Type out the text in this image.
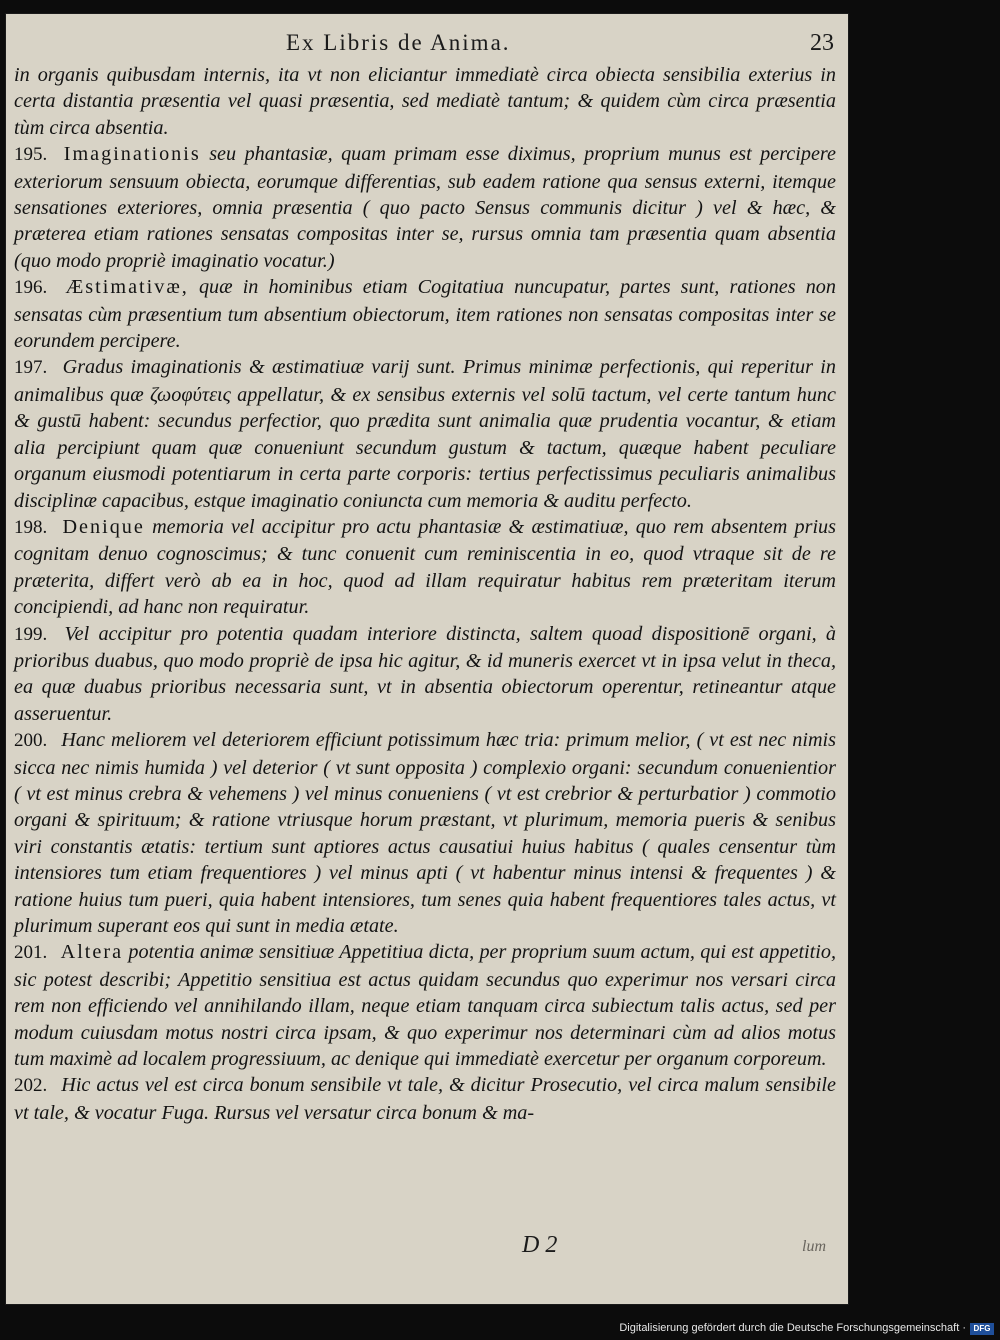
Ex Libris de Anima.	23

in organis quibusdam internis, ita vt non eliciantur immediatè circa obiecta sensibilia exterius in certa distantia præsentia vel quasi præsentia, sed mediatè tantum; & quidem cùm circa præsentia tùm circa absentia.

195. Imaginationis seu phantasiæ, quam primam esse diximus, proprium munus est percipere exteriorum sensuum obiecta, eorumque differentias, sub eadem ratione qua sensus externi, itemque sensationes exteriores, omnia præsentia ( quo pacto Sensus communis dicitur ) vel & hæc, & præterea etiam rationes sensatas compositas inter se, rursus omnia tam præsentia quam absentia (quo modo propriè imaginatio vocatur.)

196. Æstimativæ, quæ in hominibus etiam Cogitatiua nuncupatur, partes sunt, rationes non sensatas cùm præsentium tum absentium obiectorum, item rationes non sensatas compositas inter se eorundem percipere.

197. Gradus imaginationis & æstimatiuæ varij sunt. Primus minimæ perfectionis, qui reperitur in animalibus quæ ζωοφύτεις appellatur, & ex sensibus externis vel solū tactum, vel certe tantum hunc & gustū habent: secundus perfectior, quo prædita sunt animalia quæ prudentia vocantur, & etiam alia percipiunt quam quæ conueniunt secundum gustum & tactum, quæque habent peculiare organum eiusmodi potentiarum in certa parte corporis: tertius perfectissimus peculiaris animalibus disciplinæ capacibus, estque imaginatio coniuncta cum memoria & auditu perfecto.

198. Denique memoria vel accipitur pro actu phantasiæ & æstimatiuæ, quo rem absentem prius cognitam denuo cognoscimus; & tunc conuenit cum reminiscentia in eo, quod vtraque sit de re præterita, differt verò ab ea in hoc, quod ad illam requiratur habitus rem præteritam iterum concipiendi, ad hanc non requiratur.

199. Vel accipitur pro potentia quadam interiore distincta, saltem quoad dispositionē organi, à prioribus duabus, quo modo propriè de ipsa hic agitur, & id muneris exercet vt in ipsa velut in theca, ea quæ duabus prioribus necessaria sunt, vt in absentia obiectorum operentur, retineantur atque asseruentur.

200. Hanc meliorem vel deteriorem efficiunt potissimum hæc tria: primum melior, ( vt est nec nimis sicca nec nimis humida ) vel deterior ( vt sunt opposita ) complexio organi: secundum conuenientior ( vt est minus crebra & vehemens ) vel minus conueniens ( vt est crebrior & perturbatior ) commotio organi & spirituum; & ratione vtriusque horum præstant, vt plurimum, memoria pueris & senibus viri constantis ætatis: tertium sunt aptiores actus causatiui huius habitus ( quales censentur tùm intensiores tum etiam frequentiores ) vel minus apti ( vt habentur minus intensi & frequentes ) & ratione huius tum pueri, quia habent intensiores, tum senes quia habent frequentiores tales actus, vt plurimum superant eos qui sunt in media ætate.

201. Altera potentia animæ sensitiuæ Appetitiua dicta, per proprium suum actum, qui est appetitio, sic potest describi; Appetitio sensitiua est actus quidam secundus quo experimur nos versari circa rem non efficiendo vel annihilando illam, neque etiam tanquam circa subiectum talis actus, sed per modum cuiusdam motus nostri circa ipsam, & quo experimur nos determinari cùm ad alios motus tum maximè ad localem progressiuum, ac denique qui immediatè exercetur per organum corporeum.

202. Hic actus vel est circa bonum sensibile vt tale, & dicitur Prosecutio, vel circa malum sensibile vt tale, & vocatur Fuga. Rursus vel versatur circa bonum & ma-

D 2	lum
Digitalisierung gefördert durch die Deutsche Forschungsgemeinschaft · DFG
